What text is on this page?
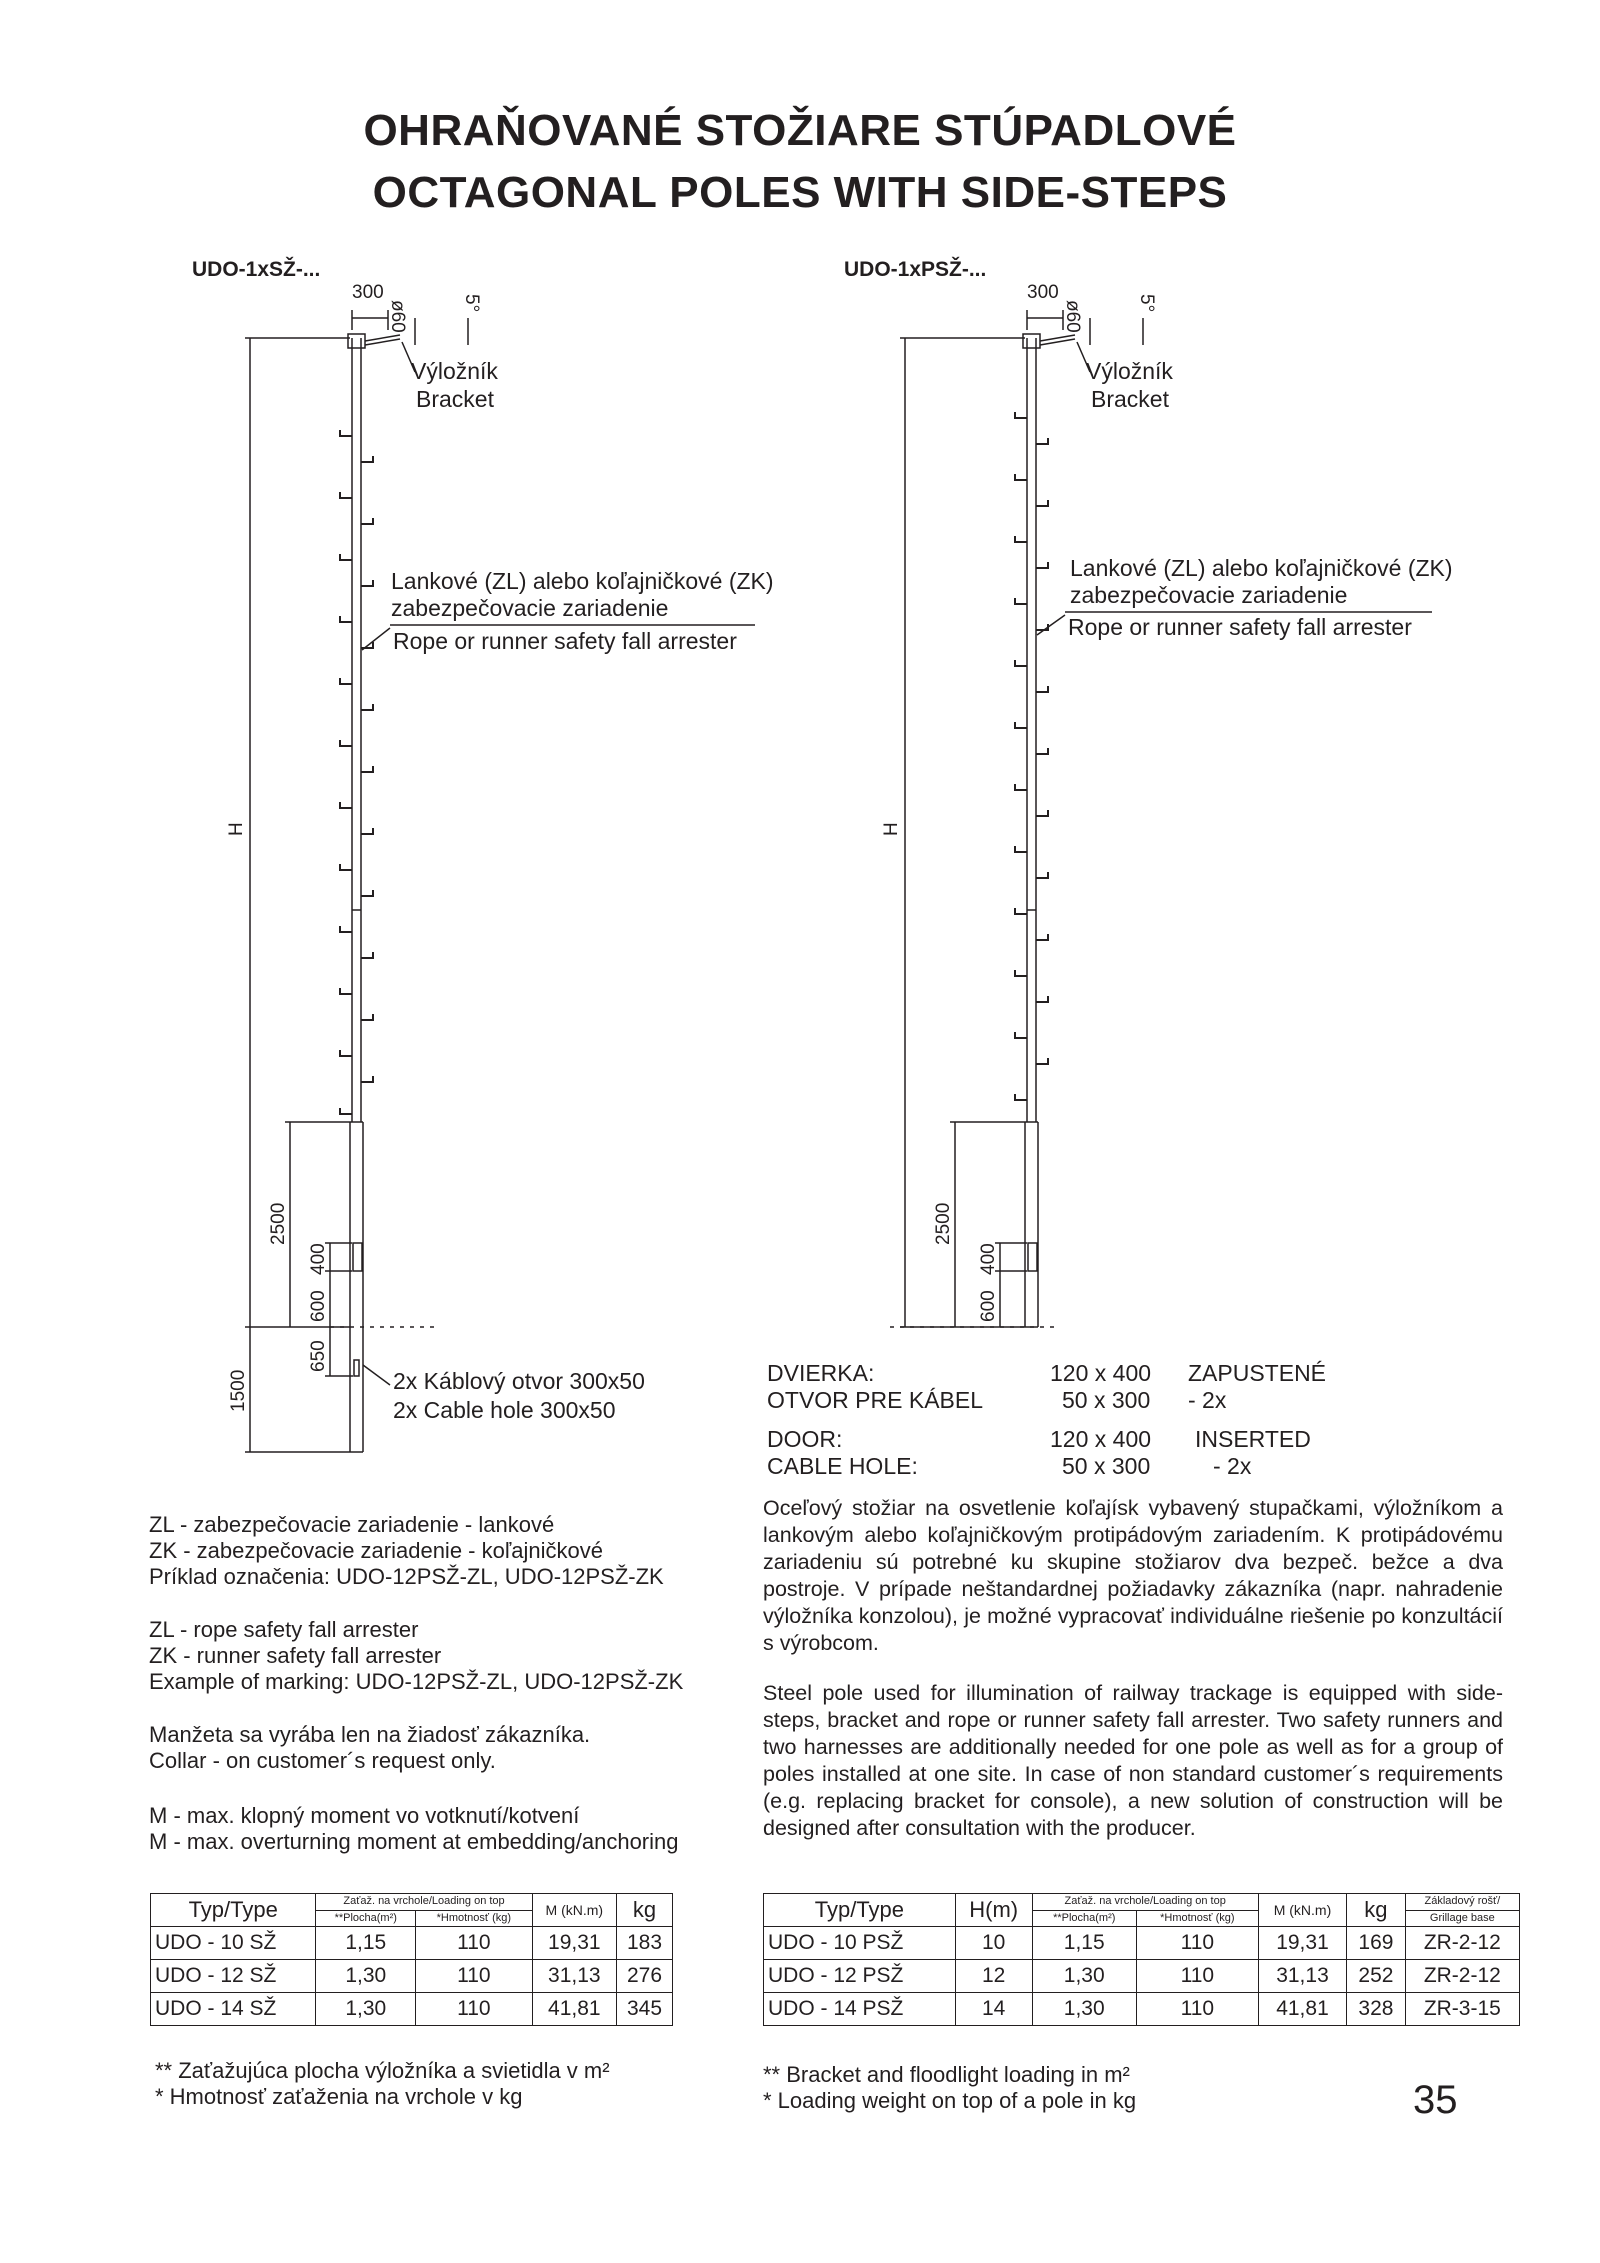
OHRAŇOVANÉ STOŽIARE STÚPADLOVÉ
OCTAGONAL POLES WITH SIDE-STEPS
UDO-1xSŽ-...
300
ø60	5°
Výložník
Bracket
Lankové (ZL) alebo koľajničkové (ZK)
zabezpečovacie zariadenie
Rope or runner safety fall arrester
H
2500
400
600
650
1500	2x Káblový otvor 300x50
2x Cable hole 300x50
UDO-1xPSŽ-...
300
ø60	5°
Výložník
Bracket
Lankové (ZL) alebo koľajničkové (ZK)
zabezpečovacie zariadenie
Rope or runner safety fall arrester
H
2500
400
600
DVIERKA:	120 x 400 ZAPUSTENÉ
OTVOR PRE KÁBEL	50 x 300 - 2x
DOOR:	120 x 400 INSERTED
CABLE HOLE:	50 x 300	- 2x
ZL - zabezpečovacie zariadenie - lankové
ZK - zabezpečovacie zariadenie - koľajničkové
Príklad označenia: UDO-12PSŽ-ZL, UDO-12PSŽ-ZK
ZL - rope safety fall arrester
ZK - runner safety fall arrester
Example of marking: UDO-12PSŽ-ZL, UDO-12PSŽ-ZK
Manžeta sa vyrába len na žiadosť zákazníka.
Collar - on customer´s request only.
M - max. klopný moment vo votknutí/kotvení
M - max. overturning moment at embedding/anchoring
Oceľový stožiar na osvetlenie koľajísk vybavený stupačkami, výložníkom a lankovým alebo koľajničkovým protipádovým zariadením. K protipádovému zariadeniu sú potrebné ku skupine stožiarov dva bezpeč. bežce a dva postroje. V prípade neštandardnej požiadavky zákazníka (napr. nahradenie výložníka konzolou), je možné vypracovať individuálne riešenie po konzultácií s výrobcom.
Steel pole used for illumination of railway trackage is equipped with side-steps, bracket and rope or runner safety fall arrester. Two safety runners and two harnesses are additionally needed for one pole as well as for a group of poles installed at one site. In case of non standard customer´s requirements (e.g. replacing bracket for console), a new solution of construction will be designed after consultation with the producer.
Typ/Type	Zaťaž. na vrchole/Loading on top		M (kN.m)	kg
	**Plocha(m²)	*Hmotnosť (kg)		
UDO - 10 SŽ	1,15	110	19,31	183
UDO - 12 SŽ	1,30	110	31,13	276
UDO - 14 SŽ	1,30	110	41,81	345
Typ/Type	H(m)	Zaťaž. na vrchole/Loading on top		M (kN.m)	kg	Základový rošť/
		**Plocha(m²)	*Hmotnosť (kg)			Grillage base
UDO - 10 PSŽ	10	1,15	110	19,31	169	ZR-2-12
UDO - 12 PSŽ	12	1,30	110	31,13	252	ZR-2-12
UDO - 14 PSŽ	14	1,30	110	41,81	328	ZR-3-15
** Zaťažujúca plocha výložníka a svietidla v m²
* Hmotnosť zaťaženia na vrchole v kg
** Bracket and floodlight loading in m²
* Loading weight on top of a pole in kg	35
